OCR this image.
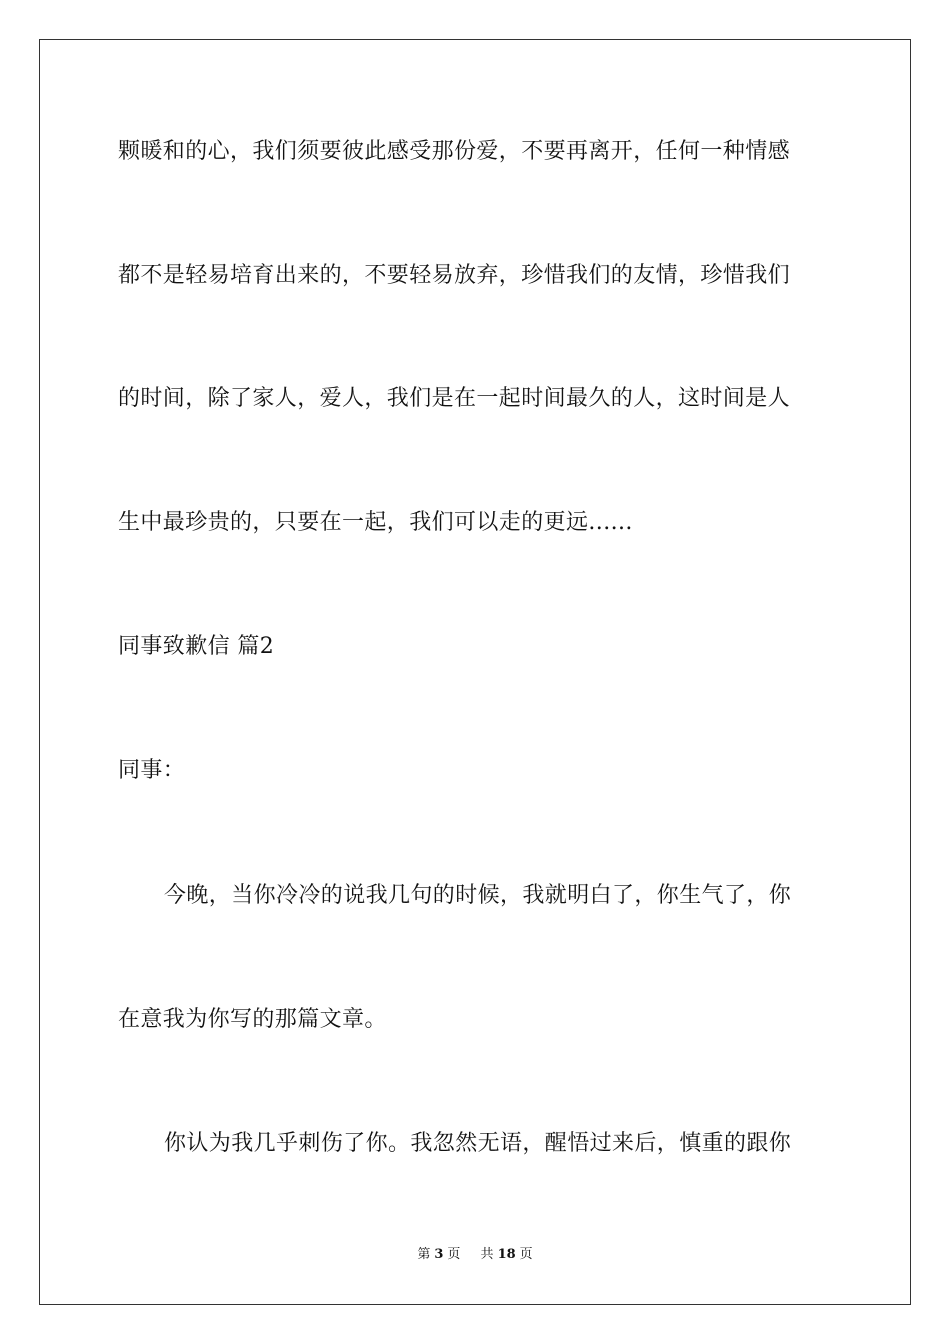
颗暖和的心，我们须要彼此感受那份爱，不要再离开，任何一种情感
都不是轻易培育出来的，不要轻易放弃，珍惜我们的友情，珍惜我们
的时间，除了家人，爱人，我们是在一起时间最久的人，这时间是人
生中最珍贵的，只要在一起，我们可以走的更远......
同事致歉信 篇2
同事：
今晚，当你冷冷的说我几句的时候，我就明白了，你生气了，你
在意我为你写的那篇文章。
你认为我几乎刺伤了你。我忽然无语，醒悟过来后，慎重的跟你
第 3 页 共 18 页
